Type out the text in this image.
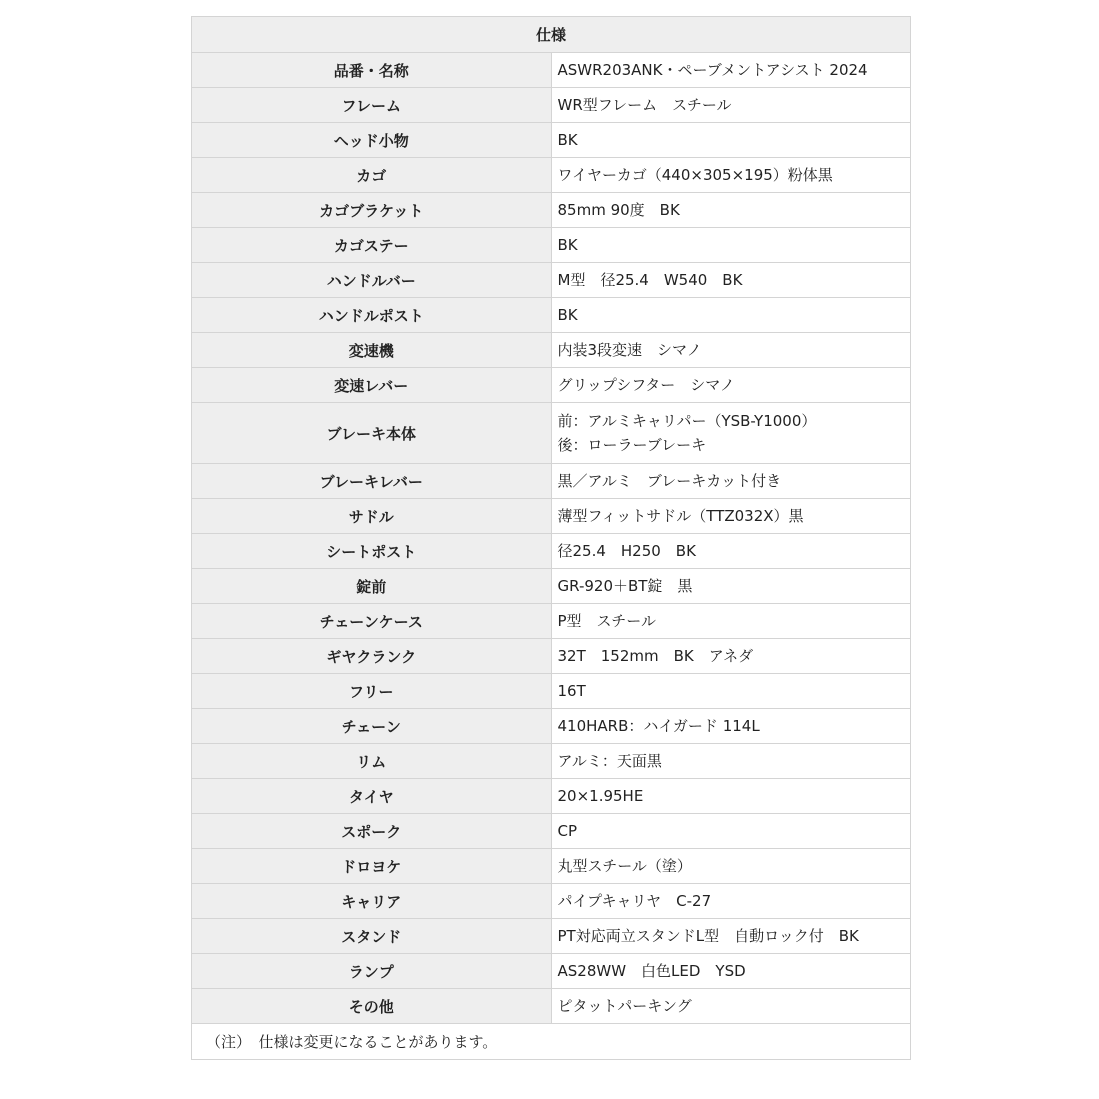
仕様	
品番・名称	ASWR203ANK・ペーブメントアシスト 2024

フレーム	WR型フレーム　スチール

ヘッド小物	BK

カゴ	ワイヤーカゴ（440×305×195）粉体黒

カゴブラケット	85mm 90度　BK

カゴステー	BK

ハンドルバー	M型　径25.4　W540　BK

ハンドルポスト	BK

変速機	内装3段変速　シマノ

変速レバー	グリップシフター　シマノ

ブレーキ本体	前：アルミキャリパー（YSB-Y1000）
後：ローラーブレーキ

ブレーキレバー	黒／アルミ　ブレーキカット付き

サドル	薄型フィットサドル（TTZ032X）黒

シートポスト	径25.4　H250　BK

錠前	GR-920＋BT錠　黒

チェーンケース	P型　スチール

ギヤクランク	32T　152mm　BK　アネダ

フリー	16T

チェーン	410HARB：ハイガード 114L

リム	アルミ：天面黒

タイヤ	20×1.95HE

スポーク	CP

ドロヨケ	丸型スチール（塗）

キャリア	パイプキャリヤ　C-27

スタンド	PT対応両立スタンドL型　自動ロック付　BK

ランプ	AS28WW　白色LED　YSD

その他	ピタットパーキング

（注）　仕様は変更になることがあります。	
